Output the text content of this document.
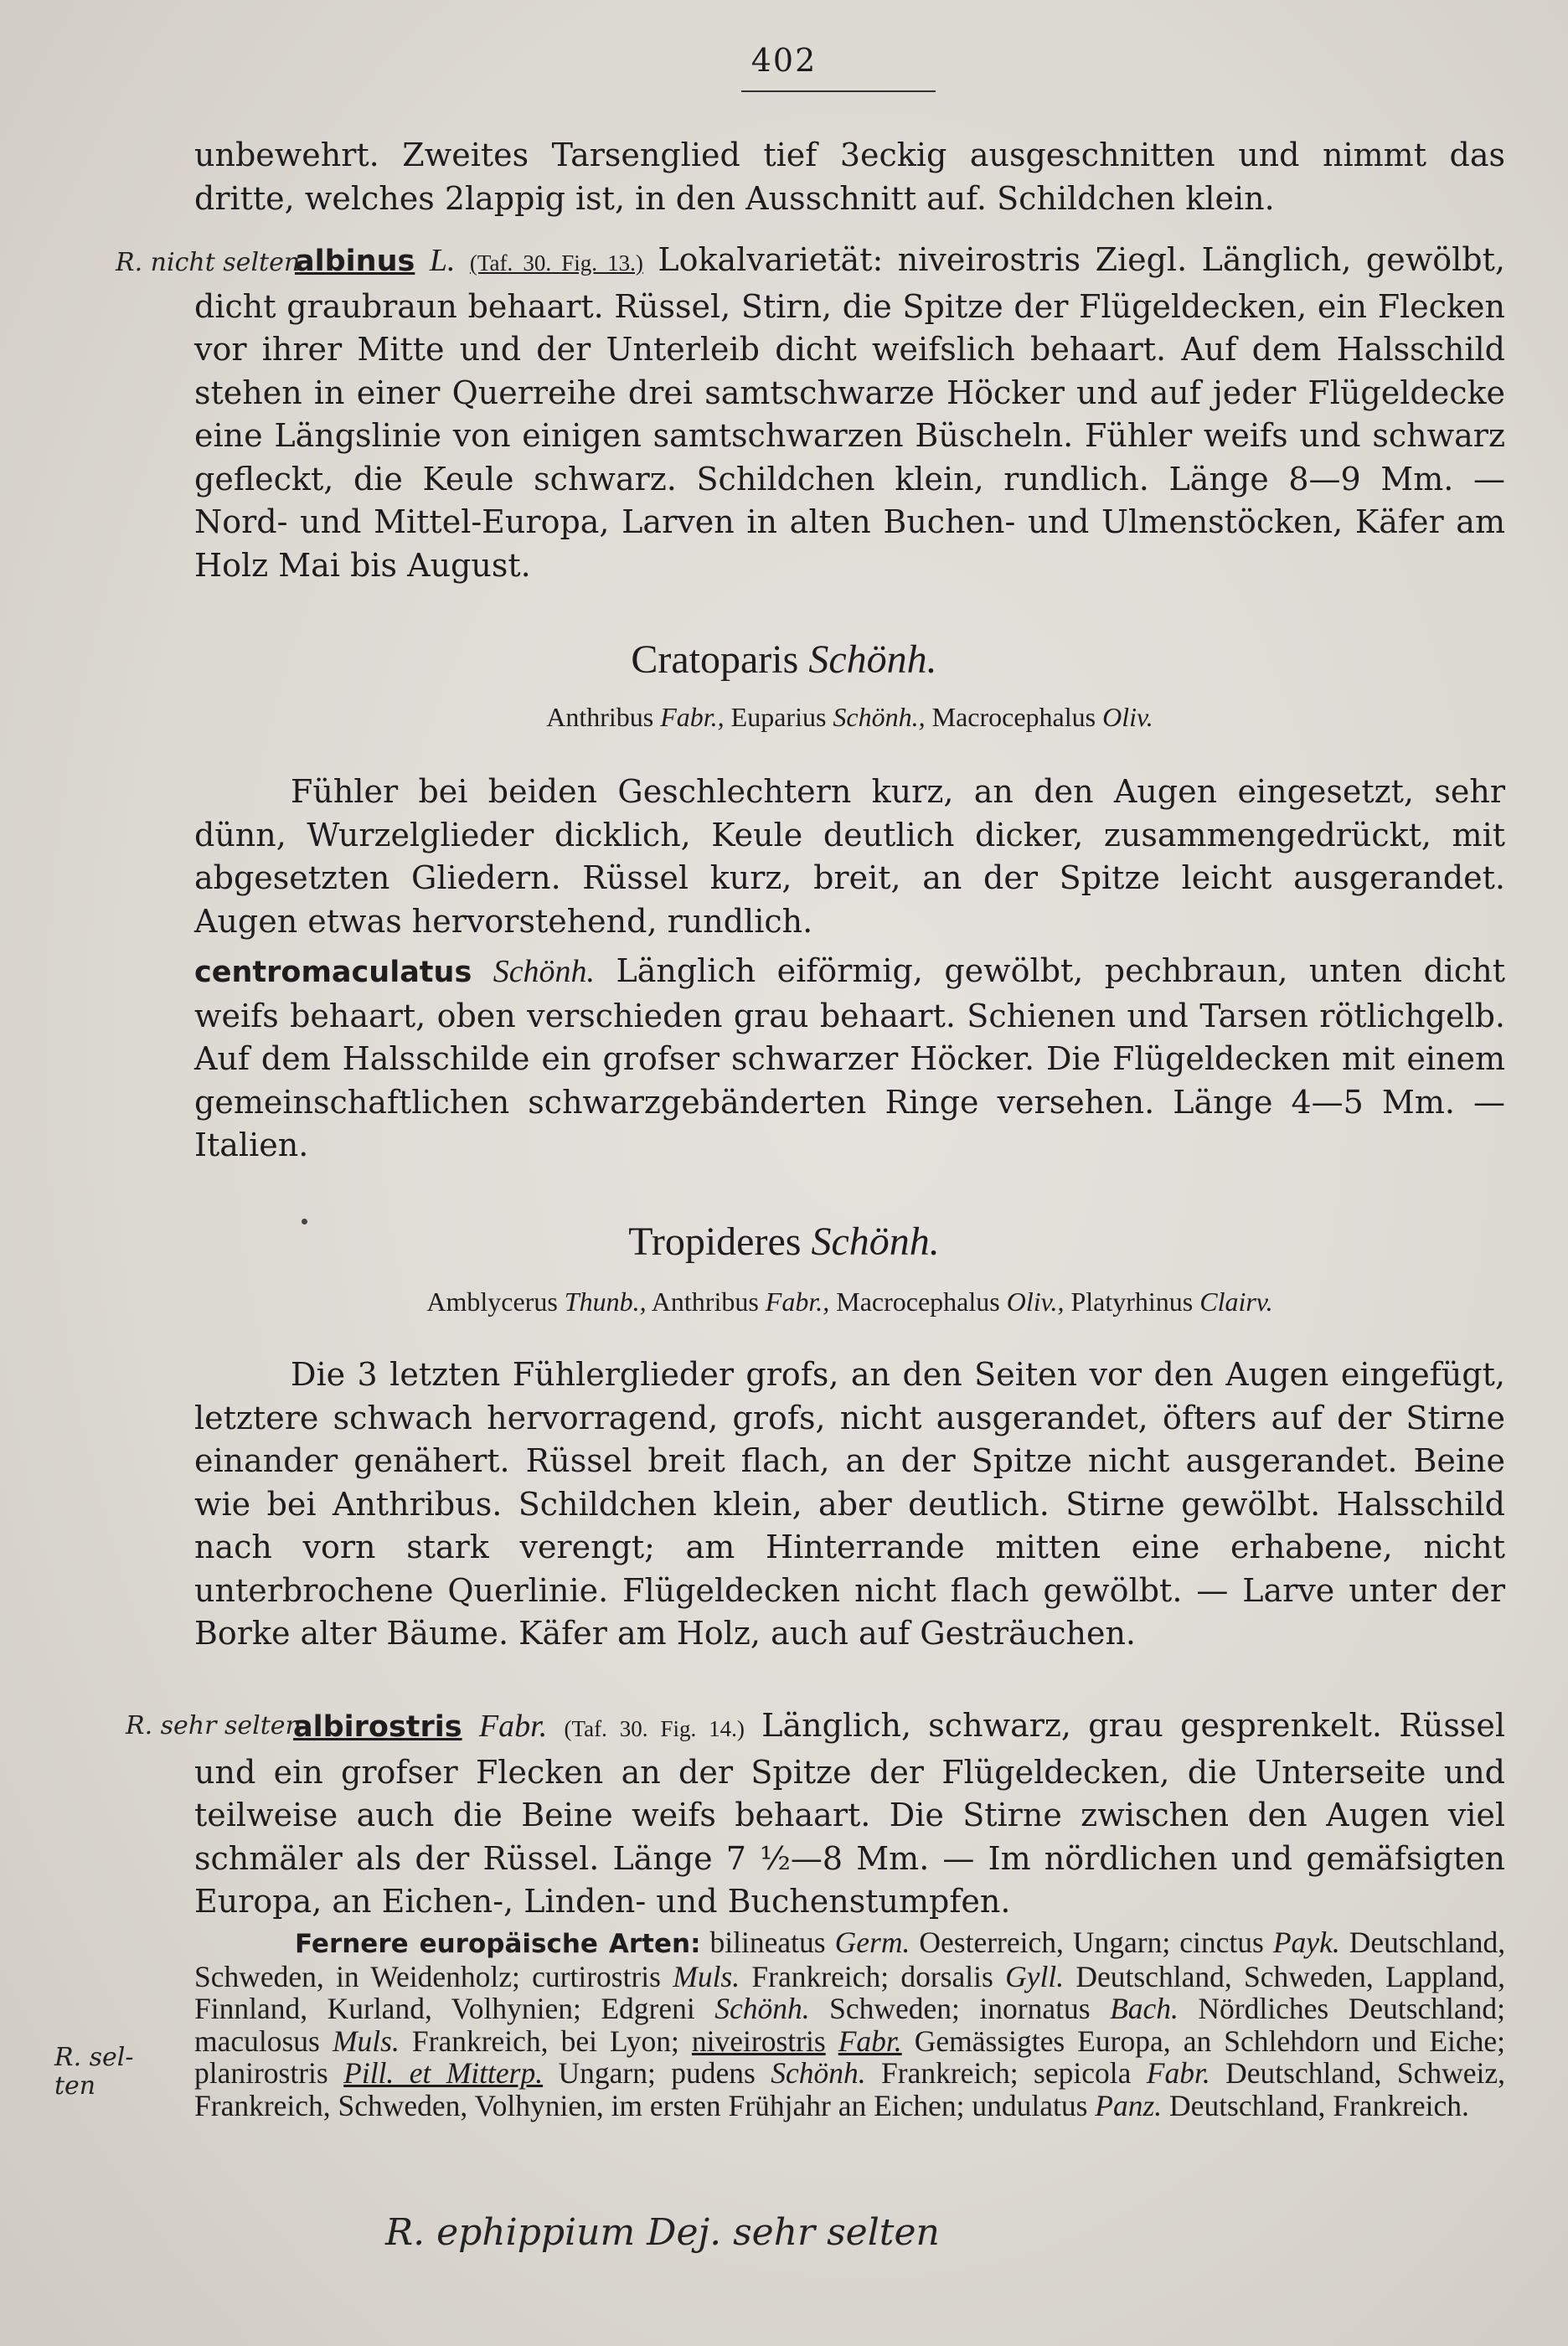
402

unbewehrt. Zweites Tarsenglied tief 3eckig ausgeschnitten und nimmt das dritte, welches 2lappig ist, in den Ausschnitt auf. Schildchen klein.

R. nicht selten

albinus L. (Taf. 30. Fig. 13.) Lokalvarietät: niveirostris Ziegl. Länglich, gewölbt, dicht graubraun behaart. Rüssel, Stirn, die Spitze der Flügeldecken, ein Flecken vor ihrer Mitte und der Unterleib dicht weifslich behaart. Auf dem Halsschild stehen in einer Querreihe drei samtschwarze Höcker und auf jeder Flügeldecke eine Längslinie von einigen samtschwarzen Büscheln. Fühler weifs und schwarz gefleckt, die Keule schwarz. Schildchen klein, rundlich. Länge 8—9 Mm. — Nord- und Mittel-Europa, Larven in alten Buchen- und Ulmenstöcken, Käfer am Holz Mai bis August.

Cratoparis Schönh.
Anthribus Fabr., Euparius Schönh., Macrocephalus Oliv.

Fühler bei beiden Geschlechtern kurz, an den Augen eingesetzt, sehr dünn, Wurzelglieder dicklich, Keule deutlich dicker, zusammengedrückt, mit abgesetzten Gliedern. Rüssel kurz, breit, an der Spitze leicht ausgerandet. Augen etwas hervorstehend, rundlich.

centromaculatus Schönh. Länglich eiförmig, gewölbt, pechbraun, unten dicht weifs behaart, oben verschieden grau behaart. Schienen und Tarsen rötlichgelb. Auf dem Halsschilde ein grofser schwarzer Höcker. Die Flügeldecken mit einem gemeinschaftlichen schwarzgebänderten Ringe versehen. Länge 4—5 Mm. — Italien.

Tropideres Schönh.
Amblycerus Thunb., Anthribus Fabr., Macrocephalus Oliv., Platyrhinus Clairv.

Die 3 letzten Fühlerglieder grofs, an den Seiten vor den Augen eingefügt, letztere schwach hervorragend, grofs, nicht ausgerandet, öfters auf der Stirne einander genähert. Rüssel breit flach, an der Spitze nicht ausgerandet. Beine wie bei Anthribus. Schildchen klein, aber deutlich. Stirne gewölbt. Halsschild nach vorn stark verengt; am Hinterrande mitten eine erhabene, nicht unterbrochene Querlinie. Flügeldecken nicht flach gewölbt. — Larve unter der Borke alter Bäume. Käfer am Holz, auch auf Gesträuchen.

R. sehr selten

albirostris Fabr. (Taf. 30. Fig. 14.) Länglich, schwarz, grau gesprenkelt. Rüssel und ein grofser Flecken an der Spitze der Flügeldecken, die Unterseite und teilweise auch die Beine weifs behaart. Die Stirne zwischen den Augen viel schmäler als der Rüssel. Länge 7 ½—8 Mm. — Im nördlichen und gemäfsigten Europa, an Eichen-, Linden- und Buchenstumpfen.

R. sel-ten

Fernere europäische Arten: bilineatus Germ. Oesterreich, Ungarn; cinctus Payk. Deutschland, Schweden, in Weidenholz; curtirostris Muls. Frankreich; dorsalis Gyll. Deutschland, Schweden, Lappland, Finnland, Kurland, Volhynien; Edgreni Schönh. Schweden; inornatus Bach. Nördliches Deutschland; maculosus Muls. Frankreich, bei Lyon; niveirostris Fabr. Gemässigtes Europa, an Schlehdorn und Eiche; planirostris Pill. et Mitterp. Ungarn; pudens Schönh. Frankreich; sepicola Fabr. Deutschland, Schweiz, Frankreich, Schweden, Volhynien, im ersten Frühjahr an Eichen; undulatus Panz. Deutschland, Frankreich.

R. ephippium Dej. sehr selten
